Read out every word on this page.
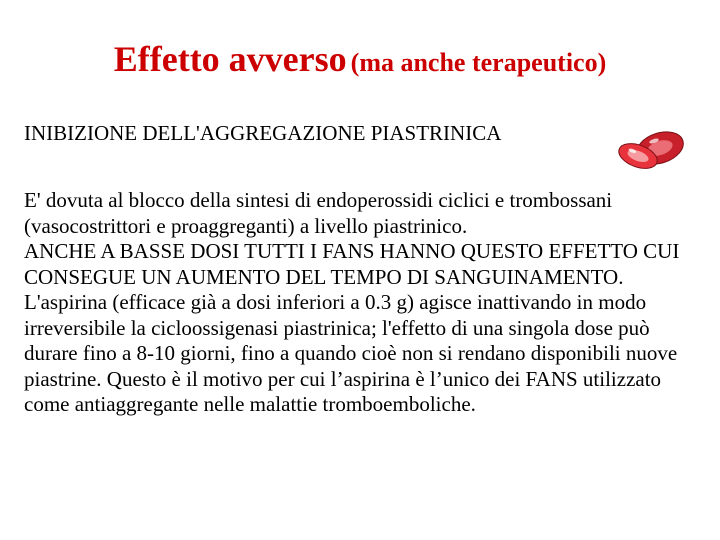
Effetto avverso (ma anche terapeutico)
INIBIZIONE DELL'AGGREGAZIONE PIASTRINICA

E' dovuta al blocco della sintesi di endoperossidi ciclici e trombossani (vasocostrittori e proaggreganti) a livello piastrinico.

ANCHE A BASSE DOSI TUTTI I FANS HANNO QUESTO EFFETTO CUI CONSEGUE UN AUMENTO DEL TEMPO DI SANGUINAMENTO.

L'aspirina (efficace già a dosi inferiori a 0.3 g) agisce inattivando in modo irreversibile la cicloossigenasi piastrinica; l'effetto di una singola dose può durare fino a 8-10 giorni, fino a quando cioè non si rendano disponibili nuove piastrine. Questo è il motivo per cui l’aspirina è l’unico dei FANS utilizzato come antiaggregante nelle malattie tromboemboliche.
